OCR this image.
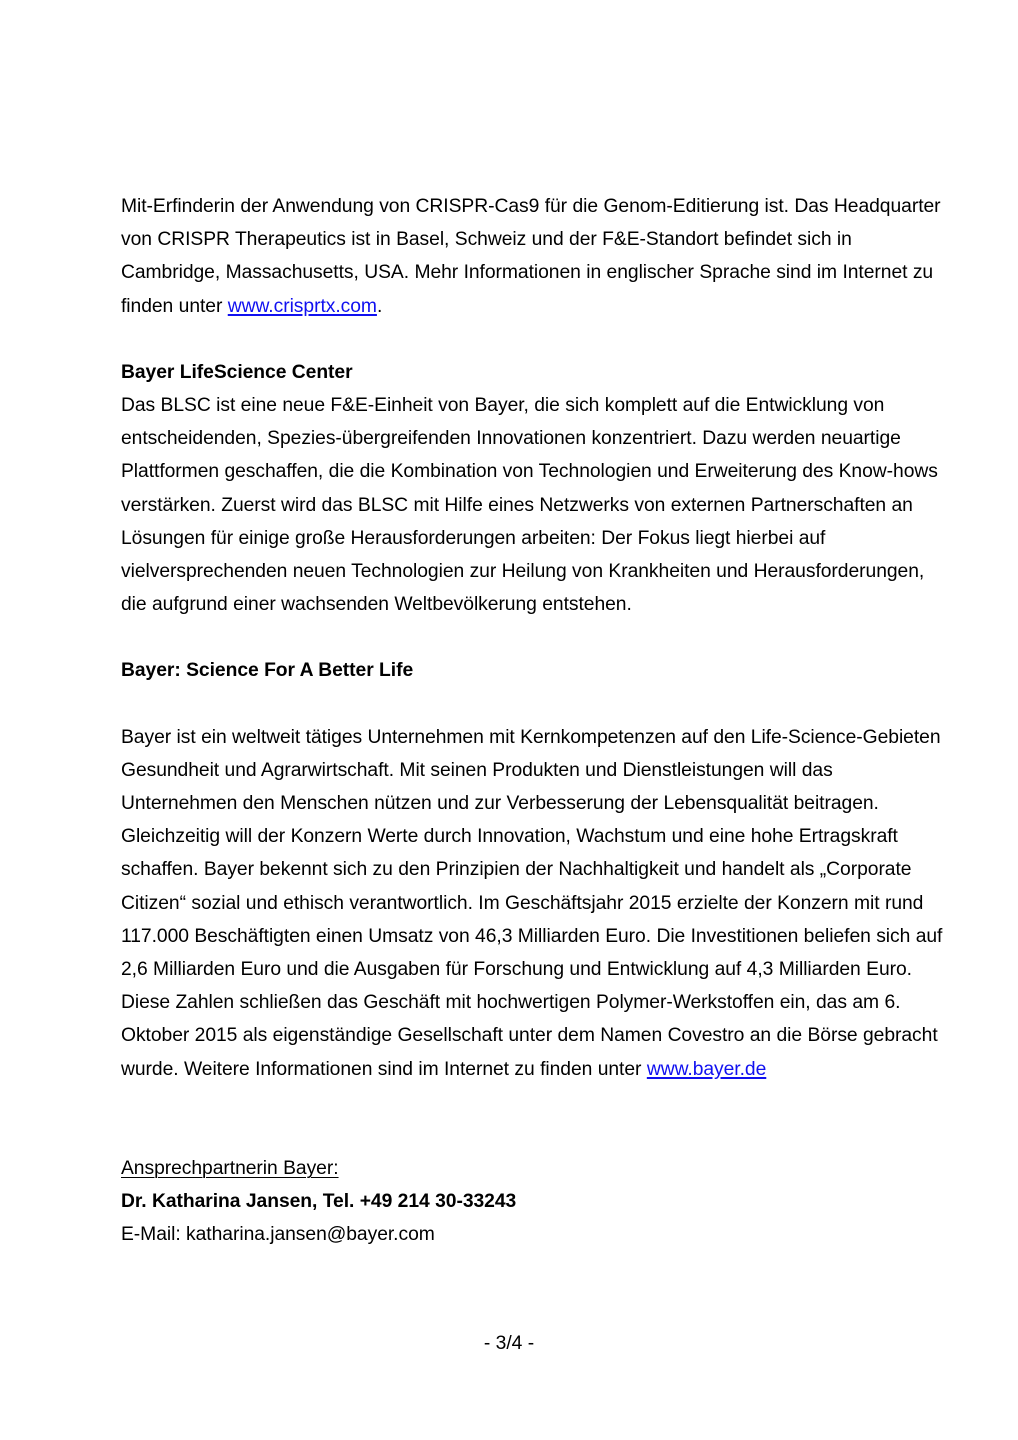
Mit-Erfinderin der Anwendung von CRISPR-Cas9 für die Genom-Editierung ist. Das Headquarter von CRISPR Therapeutics ist in Basel, Schweiz und der F&E-Standort befindet sich in Cambridge, Massachusetts, USA. Mehr Informationen in englischer Sprache sind im Internet zu finden unter www.crisprtx.com.

Bayer LifeScience Center

Das BLSC ist eine neue F&E-Einheit von Bayer, die sich komplett auf die Entwicklung von entscheidenden, Spezies-übergreifenden Innovationen konzentriert. Dazu werden neuartige Plattformen geschaffen, die die Kombination von Technologien und Erweiterung des Know-hows verstärken. Zuerst wird das BLSC mit Hilfe eines Netzwerks von externen Partnerschaften an Lösungen für einige große Herausforderungen arbeiten: Der Fokus liegt hierbei auf vielversprechenden neuen Technologien zur Heilung von Krankheiten und Herausforderungen, die aufgrund einer wachsenden Weltbevölkerung entstehen.

Bayer: Science For A Better Life

Bayer ist ein weltweit tätiges Unternehmen mit Kernkompetenzen auf den Life-Science-Gebieten Gesundheit und Agrarwirtschaft. Mit seinen Produkten und Dienstleistungen will das Unternehmen den Menschen nützen und zur Verbesserung der Lebensqualität beitragen. Gleichzeitig will der Konzern Werte durch Innovation, Wachstum und eine hohe Ertragskraft schaffen. Bayer bekennt sich zu den Prinzipien der Nachhaltigkeit und handelt als „Corporate Citizen“ sozial und ethisch verantwortlich. Im Geschäftsjahr 2015 erzielte der Konzern mit rund 117.000 Beschäftigten einen Umsatz von 46,3 Milliarden Euro. Die Investitionen beliefen sich auf 2,6 Milliarden Euro und die Ausgaben für Forschung und Entwicklung auf 4,3 Milliarden Euro. Diese Zahlen schließen das Geschäft mit hochwertigen Polymer-Werkstoffen ein, das am 6. Oktober 2015 als eigenständige Gesellschaft unter dem Namen Covestro an die Börse gebracht wurde. Weitere Informationen sind im Internet zu finden unter www.bayer.de

Ansprechpartnerin Bayer:

Dr. Katharina Jansen, Tel. +49 214 30-33243

E-Mail: katharina.jansen@bayer.com

- 3/4 -
